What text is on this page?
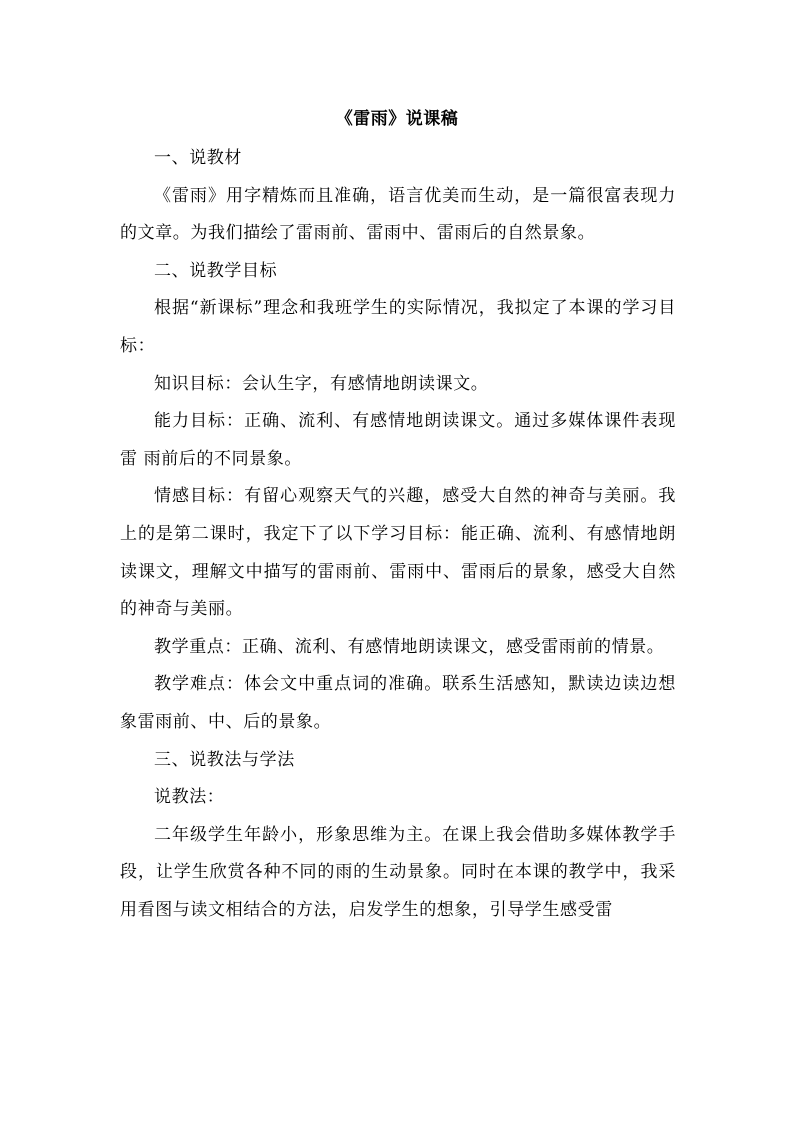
《雷雨》说课稿

一、说教材

《雷雨》用字精炼而且准确，语言优美而生动，是一篇很富表现力的文章。为我们描绘了雷雨前、雷雨中、雷雨后的自然景象。

二、说教学目标

根据“新课标”理念和我班学生的实际情况，我拟定了本课的学习目标：

知识目标：会认生字，有感情地朗读课文。

能力目标：正确、流利、有感情地朗读课文。通过多媒体课件表现雷 雨前后的不同景象。

情感目标：有留心观察天气的兴趣，感受大自然的神奇与美丽。我上的是第二课时，我定下了以下学习目标：能正确、流利、有感情地朗读课文，理解文中描写的雷雨前、雷雨中、雷雨后的景象，感受大自然的神奇与美丽。

教学重点：正确、流利、有感情地朗读课文，感受雷雨前的情景。

教学难点：体会文中重点词的准确。联系生活感知，默读边读边想象雷雨前、中、后的景象。

三、说教法与学法

说教法：

二年级学生年龄小，形象思维为主。在课上我会借助多媒体教学手段，让学生欣赏各种不同的雨的生动景象。同时在本课的教学中，我采用看图与读文相结合的方法，启发学生的想象，引导学生感受雷
